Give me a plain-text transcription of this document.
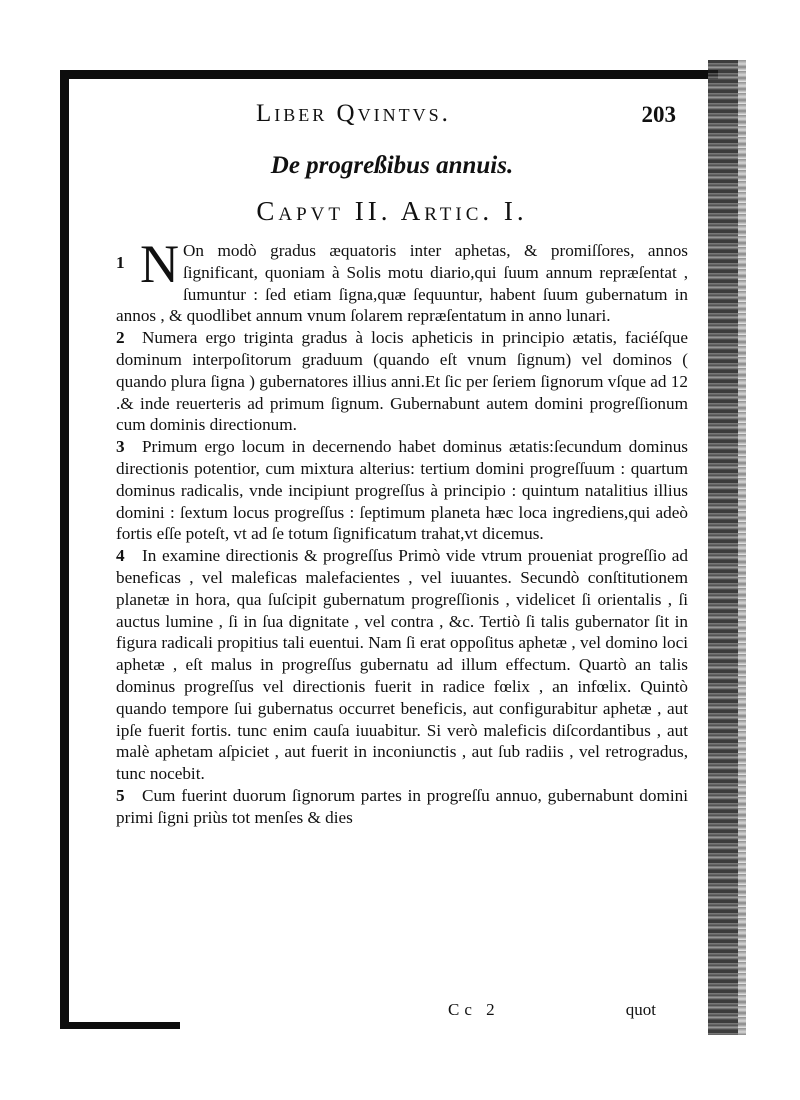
Liber Qvintvs.	203
De progreßibus annuis.
Capvt II. Artic. I.

1 N On modò gradus æquatoris inter aphetas, & promiſſores, annos ſignificant, quoniam à Solis motu diario,qui ſuum annum repræſentat , ſumuntur : ſed etiam ſigna,quæ ſequuntur, habent ſuum gubernatum in annos , & quodlibet annum vnum ſolarem repræſentatum in anno lunari.

2 Numera ergo triginta gradus à locis apheticis in principio ætatis, faciéſque dominum interpoſitorum graduum (quando eſt vnum ſignum) vel dominos ( quando plura ſigna ) gubernatores illius anni.Et ſic per ſeriem ſignorum vſque ad 12 .& inde reuerteris ad primum ſignum. Gubernabunt autem domini progreſſionum cum dominis directionum.

3 Primum ergo locum in decernendo habet dominus ætatis:ſecundum dominus directionis potentior, cum mixtura alterius: tertium domini progreſſuum : quartum dominus radicalis, vnde incipiunt progreſſus à principio : quintum natalitius illius domini : ſextum locus progreſſus : ſeptimum planeta hæc loca ingrediens,qui adeò fortis eſſe poteſt, vt ad ſe totum ſignificatum trahat,vt dicemus.

4 In examine directionis & progreſſus Primò vide vtrum proueniat progreſſio ad beneficas , vel maleficas malefacientes , vel iuuantes. Secundò conſtitutionem planetæ in hora, qua ſuſcipit gubernatum progreſſionis , videlicet ſi orientalis , ſi auctus lumine , ſi in ſua dignitate , vel contra , &c. Tertiò ſi talis gubernator ſit in figura radicali propitius tali euentui. Nam ſi erat oppoſitus aphetæ , vel domino loci aphetæ , eſt malus in progreſſus gubernatu ad illum effectum. Quartò an talis dominus progreſſus vel directionis fuerit in radice fœlix , an infœlix. Quintò quando tempore ſui gubernatus occurret beneficis, aut configurabitur aphetæ , aut ipſe fuerit fortis. tunc enim cauſa iuuabitur. Si verò maleficis diſcordantibus , aut malè aphetam aſpiciet , aut fuerit in inconiunctis , aut ſub radiis , vel retrogradus, tunc nocebit.

5 Cum fuerint duorum ſignorum partes in progreſſu annuo, gubernabunt domini primi ſigni priùs tot menſes & dies

Cc 2	quot
